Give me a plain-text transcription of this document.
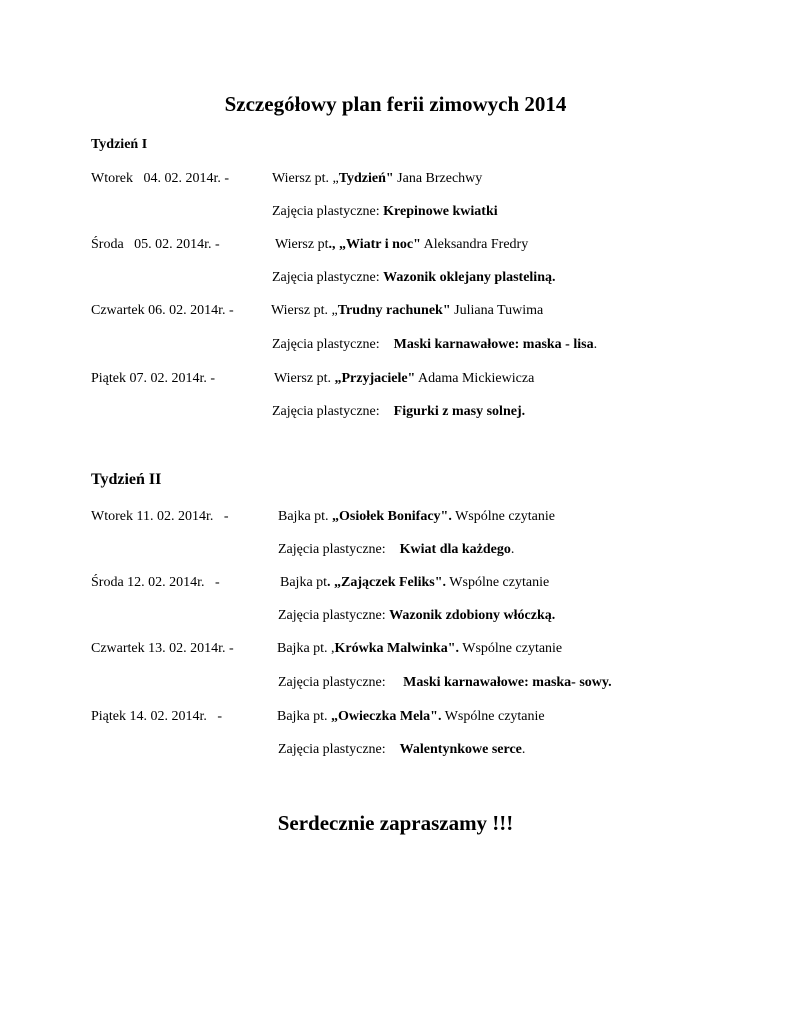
Szczegółowy plan ferii zimowych 2014
Tydzień I
Wtorek   04. 02. 2014r. -	Wiersz pt. „Tydzień" Jana Brzechwy
Zajęcia plastyczne: Krepinowe kwiatki
Środa   05. 02. 2014r. -	Wiersz pt., „Wiatr i noc" Aleksandra Fredry
Zajęcia plastyczne: Wazonik oklejany plasteliną.
Czwartek 06. 02. 2014r. -	Wiersz pt. „Trudny rachunek" Juliana Tuwima
Zajęcia plastyczne:    Maski karnawałowe: maska - lisa.
Piątek 07. 02. 2014r. -	Wiersz pt. „Przyjaciele" Adama Mickiewicza
Zajęcia plastyczne:    Figurki z masy solnej.
Tydzień II
Wtorek 11. 02. 2014r.   -	Bajka pt. „Osiołek Bonifacy". Wspólne czytanie
Zajęcia plastyczne:    Kwiat dla każdego.
Środa 12. 02. 2014r.   -	Bajka pt. „Zajączek Feliks". Wspólne czytanie
Zajęcia plastyczne: Wazonik zdobiony włóczką.
Czwartek 13. 02. 2014r. -	Bajka pt. ,Krówka Malwinka". Wspólne czytanie
Zajęcia plastyczne:     Maski karnawałowe: maska- sowy.
Piątek 14. 02. 2014r.   -	Bajka pt. „Owieczka Mela". Wspólne czytanie
Zajęcia plastyczne:    Walentynkowe serce.
Serdecznie zapraszamy !!!
